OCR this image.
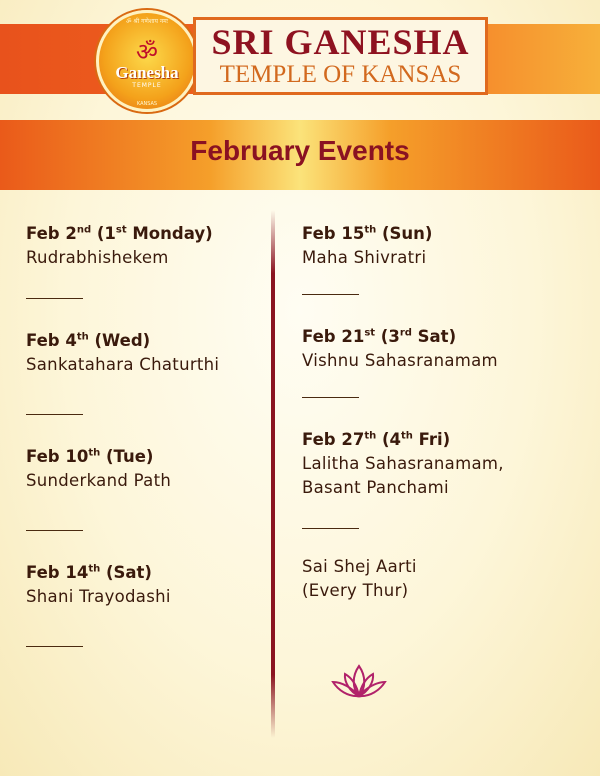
ॐ श्री गणेशाय नमः
ॐ
Ganesha
TEMPLE
KANSAS
SRI GANESHA
TEMPLE OF KANSAS
February Events
Feb 2nd (1st Monday)
Rudrabhishekem
Feb 4th (Wed)
Sankatahara Chaturthi
Feb 10th (Tue)
Sunderkand Path
Feb 14th (Sat)
Shani Trayodashi
Feb 15th (Sun)
Maha Shivratri
Feb 21st (3rd Sat)
Vishnu Sahasranamam
Feb 27th (4th Fri)
Lalitha Sahasranamam,
Basant Panchami
Sai Shej Aarti
(Every Thur)
